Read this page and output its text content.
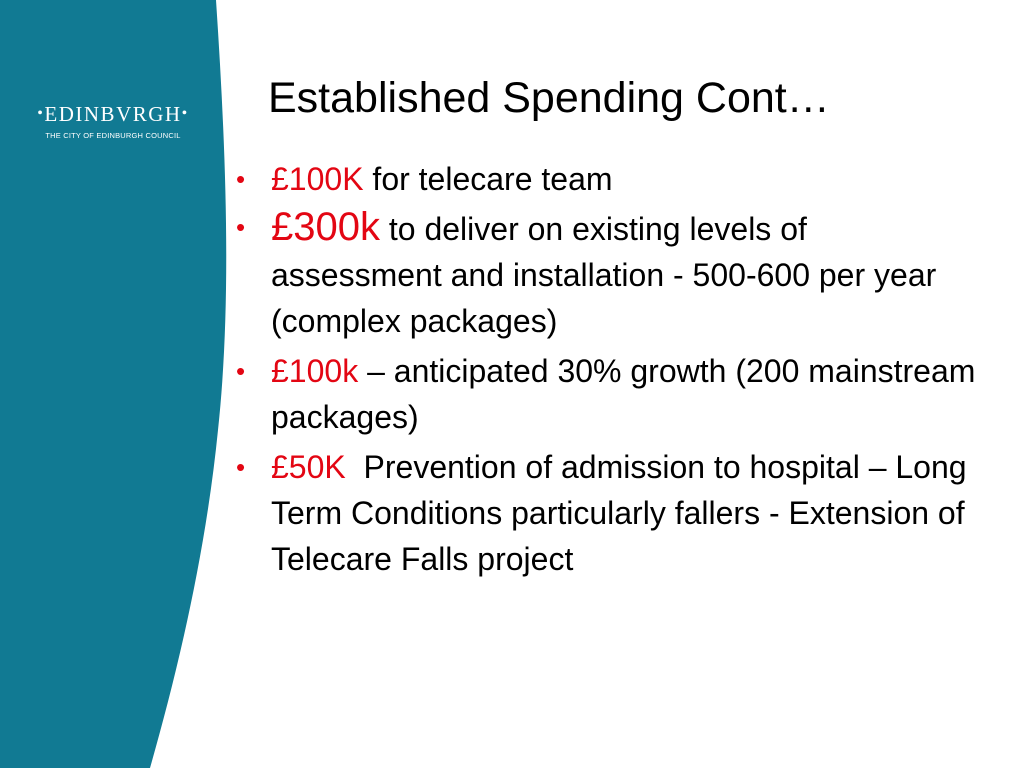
•EDINBVRGH•
THE CITY OF EDINBURGH COUNCIL
Established Spending Cont…
• £100K for telecare team
• £300k to deliver on existing levels of assessment and installation - 500-600 per year (complex packages)
• £100k – anticipated 30% growth (200 mainstream packages)
• £50K  Prevention of admission to hospital – Long Term Conditions particularly fallers - Extension of Telecare Falls project
